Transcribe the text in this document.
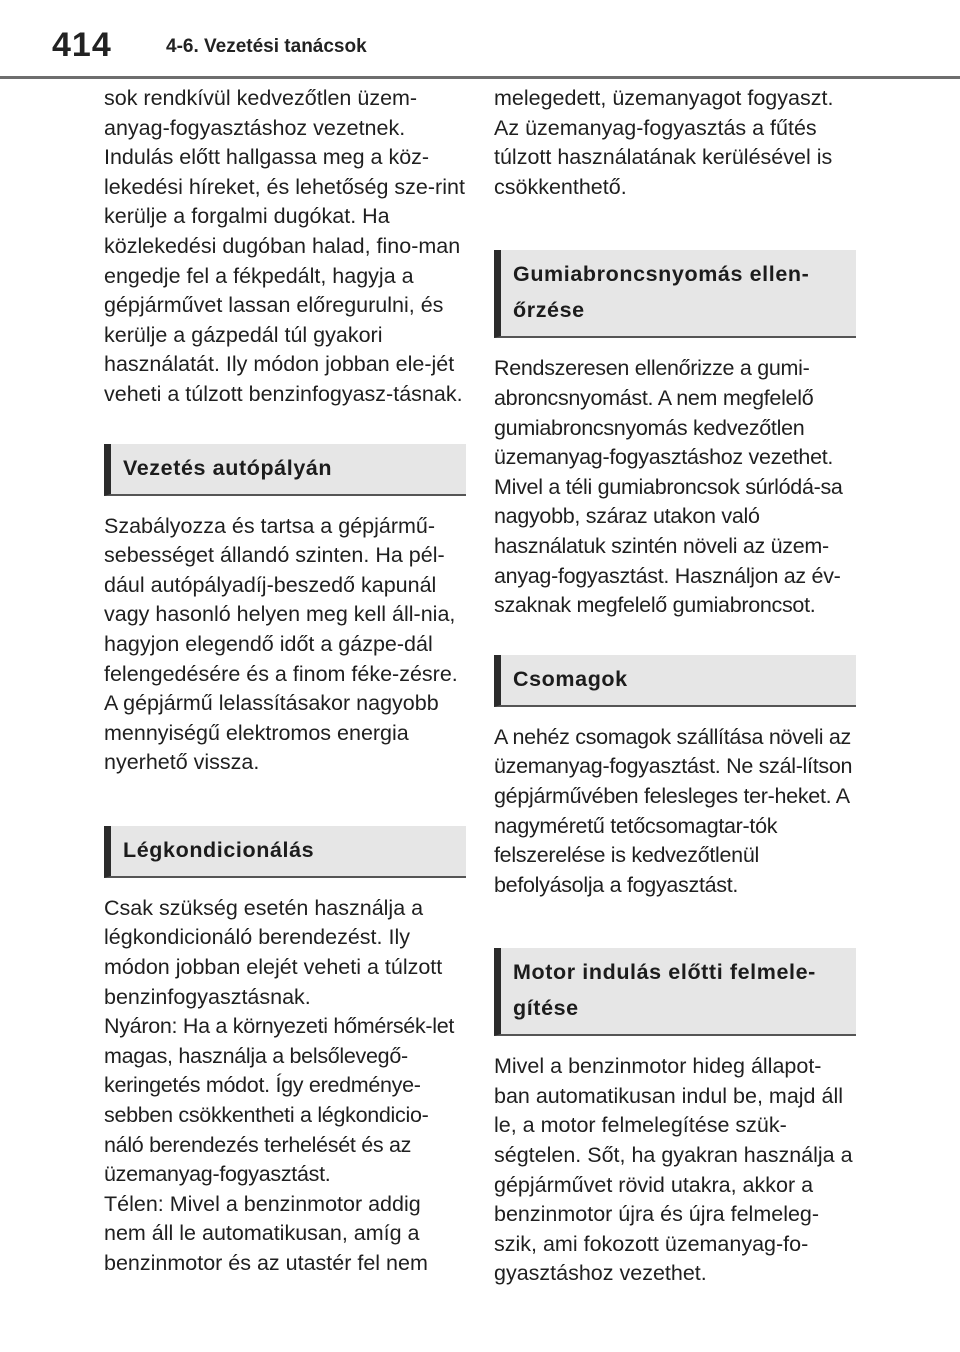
414	4-6. Vezetési tanácsok

sok rendkívül kedvezőtlen üzem-anyag-fogyasztáshoz vezetnek. Indulás előtt hallgassa meg a köz-lekedési híreket, és lehetőség sze-rint kerülje a forgalmi dugókat. Ha közlekedési dugóban halad, fino-man engedje fel a fékpedált, hagyja a gépjárművet lassan előregurulni, és kerülje a gázpedál túl gyakori használatát. Ily módon jobban ele-jét veheti a túlzott benzinfogyasz-tásnak.

Vezetés autópályán

Szabályozza és tartsa a gépjármű-sebességet állandó szinten. Ha pél-dául autópályadíj-beszedő kapunál vagy hasonló helyen meg kell áll-nia, hagyjon elegendő időt a gázpe-dál felengedésére és a finom féke-zésre. A gépjármű lelassításakor nagyobb mennyiségű elektromos energia nyerhető vissza.

Légkondicionálás

Csak szükség esetén használja a légkondicionáló berendezést. Ily módon jobban elejét veheti a túlzott benzinfogyasztásnak.

Nyáron: Ha a környezeti hőmérsék-let magas, használja a belsőlevegő-keringetés módot. Így eredménye-sebben csökkentheti a légkondicio-náló berendezés terhelését és az üzemanyag-fogyasztást.

Télen: Mivel a benzinmotor addig nem áll le automatikusan, amíg a benzinmotor és az utastér fel nem

melegedett, üzemanyagot fogyaszt. Az üzemanyag-fogyasztás a fűtés túlzott használatának kerülésével is csökkenthető.

Gumiabroncsnyomás ellen-őrzése

Rendszeresen ellenőrizze a gumi-abroncsnyomást. A nem megfelelő gumiabroncsnyomás kedvezőtlen üzemanyag-fogyasztáshoz vezethet. Mivel a téli gumiabroncsok súrlódá-sa nagyobb, száraz utakon való használatuk szintén növeli az üzem-anyag-fogyasztást. Használjon az év-szaknak megfelelő gumiabroncsot.

Csomagok

A nehéz csomagok szállítása növeli az üzemanyag-fogyasztást. Ne szál-lítson gépjárművében felesleges ter-heket. A nagyméretű tetőcsomagtar-tók felszerelése is kedvezőtlenül befolyásolja a fogyasztást.

Motor indulás előtti felmele-gítése

Mivel a benzinmotor hideg állapot-ban automatikusan indul be, majd áll le, a motor felmelegítése szük-ségtelen. Sőt, ha gyakran használja a gépjárművet rövid utakra, akkor a benzinmotor újra és újra felmeleg-szik, ami fokozott üzemanyag-fo-gyasztáshoz vezethet.
